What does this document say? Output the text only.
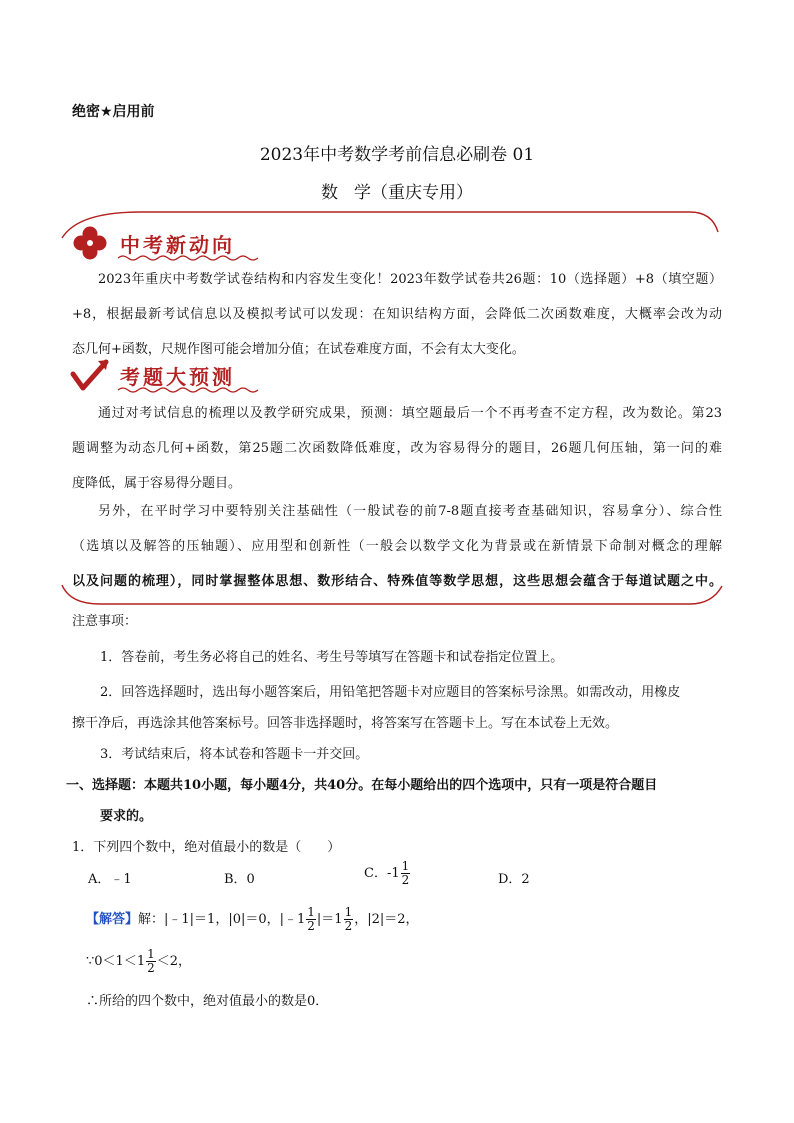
绝密★启用前
2023年中考数学考前信息必刷卷 01
数 学（重庆专用）
中考新动向
2023年重庆中考数学试卷结构和内容发生变化！2023年数学试卷共26题：10（选择题）+8（填空题）
+8，根据最新考试信息以及模拟考试可以发现：在知识结构方面，会降低二次函数难度，大概率会改为动
态几何+函数，尺规作图可能会增加分值；在试卷难度方面，不会有太大变化。
考题大预测
通过对考试信息的梳理以及教学研究成果，预测：填空题最后一个不再考查不定方程，改为数论。第23
题调整为动态几何+函数，第25题二次函数降低难度，改为容易得分的题目，26题几何压轴，第一问的难
度降低，属于容易得分题目。
另外，在平时学习中要特别关注基础性（一般试卷的前7-8题直接考查基础知识，容易拿分）、综合性
（选填以及解答的压轴题）、应用型和创新性（一般会以数学文化为背景或在新情景下命制对概念的理解
以及问题的梳理），同时掌握整体思想、数形结合、特殊值等数学思想，这些思想会蕴含于每道试题之中。
注意事项：
1．答卷前，考生务必将自己的姓名、考生号等填写在答题卡和试卷指定位置上。
2．回答选择题时，选出每小题答案后，用铅笔把答题卡对应题目的答案标号涂黑。如需改动，用橡皮
擦干净后，再选涂其他答案标号。回答非选择题时，将答案写在答题卡上。写在本试卷上无效。
3．考试结束后，将本试卷和答题卡一并交回。
一、选择题：本题共10小题，每小题4分，共40分。在每小题给出的四个选项中，只有一项是符合题目
要求的。
1．下列四个数中，绝对值最小的数是（　　）
A．﹣1	B．0	C．$-1 \frac{1}{2}$	D．2
【解答】解：|﹣1|＝1，|0|＝0，|﹣1 $\frac{1}{2} |=1 \frac{1}{2}$ ，|2|＝2，
∵0＜1＜1 $\frac{1}{2} <2$，
∴所给的四个数中，绝对值最小的数是0．
